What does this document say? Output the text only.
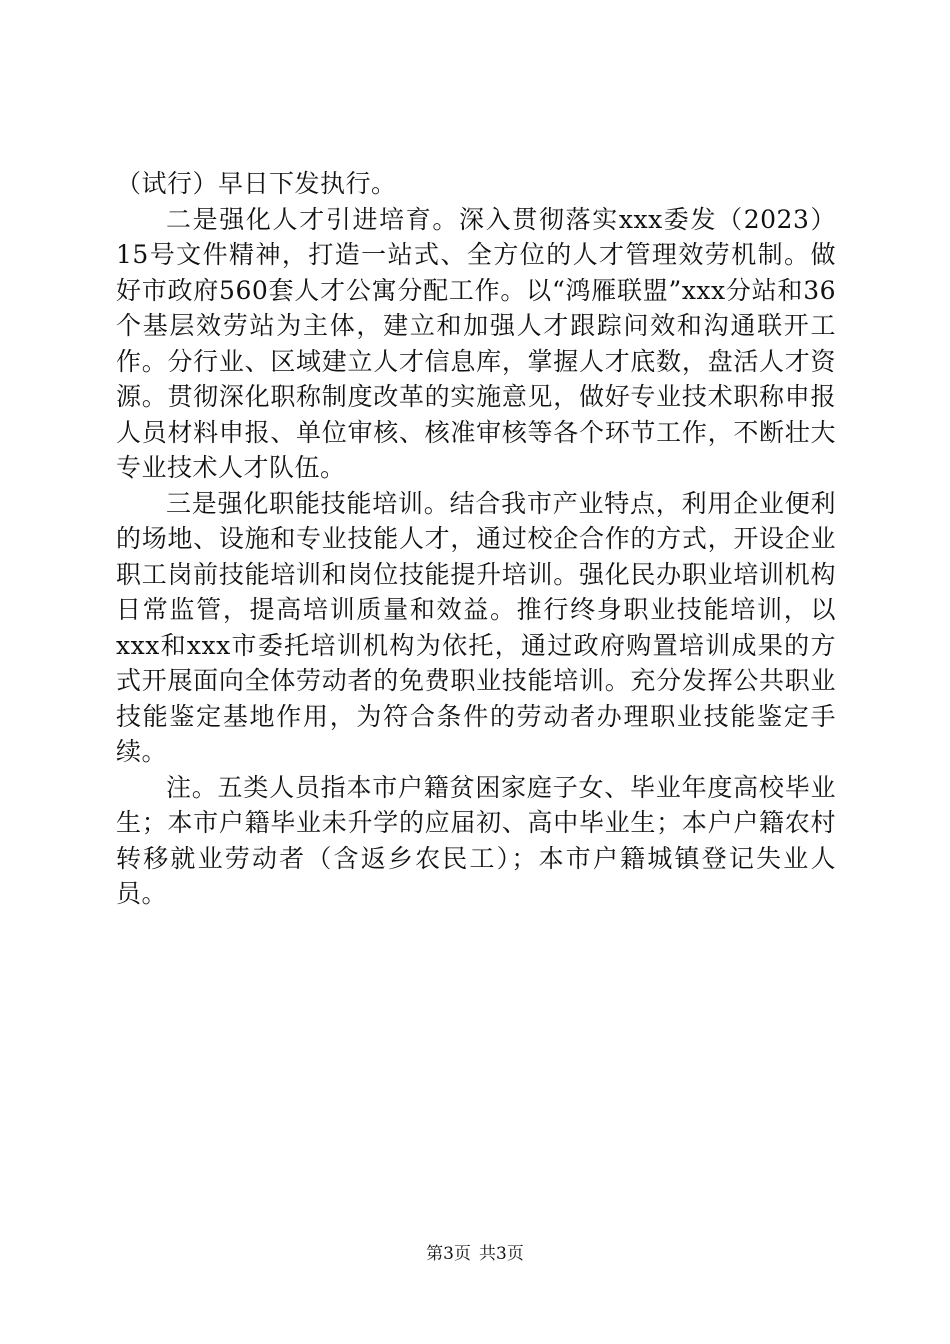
（试行）早日下发执行。

二是强化人才引进培育。深入贯彻落实xxx委发（2023）15号文件精神，打造一站式、全方位的人才管理效劳机制。做好市政府560套人才公寓分配工作。以“鸿雁联盟”xxx分站和36个基层效劳站为主体，建立和加强人才跟踪问效和沟通联开工作。分行业、区域建立人才信息库，掌握人才底数，盘活人才资源。贯彻深化职称制度改革的实施意见，做好专业技术职称申报人员材料申报、单位审核、核准审核等各个环节工作，不断壮大专业技术人才队伍。

三是强化职能技能培训。结合我市产业特点，利用企业便利的场地、设施和专业技能人才，通过校企合作的方式，开设企业职工岗前技能培训和岗位技能提升培训。强化民办职业培训机构日常监管，提高培训质量和效益。推行终身职业技能培训，以xxx和xxx市委托培训机构为依托，通过政府购置培训成果的方式开展面向全体劳动者的免费职业技能培训。充分发挥公共职业技能鉴定基地作用，为符合条件的劳动者办理职业技能鉴定手续。

注。五类人员指本市户籍贫困家庭子女、毕业年度高校毕业生；本市户籍毕业未升学的应届初、高中毕业生；本户户籍农村转移就业劳动者（含返乡农民工）；本市户籍城镇登记失业人员。

第3页 共3页
